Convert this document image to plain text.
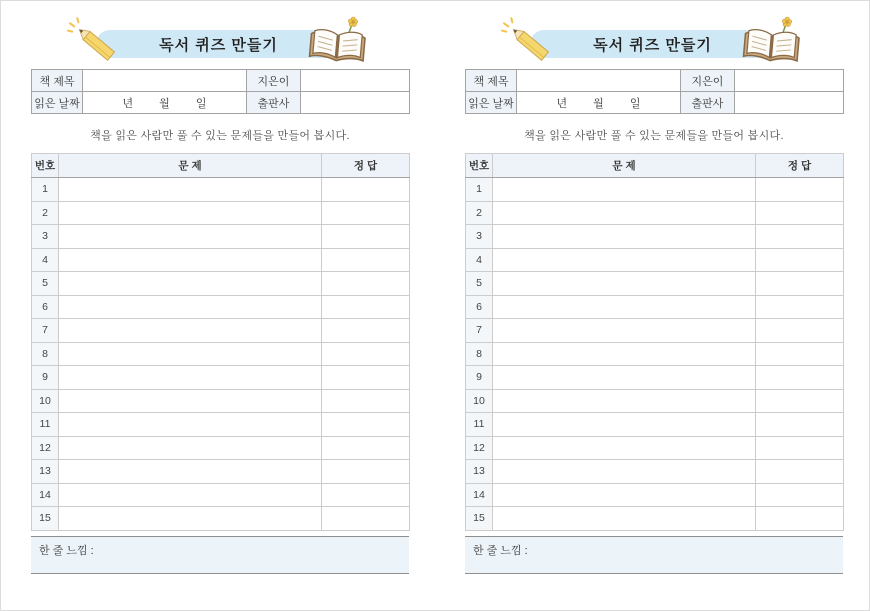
독서 퀴즈 만들기
책 제목		지은이	
읽은 날짜	년 월 일	출판사	
책을 읽은 사람만 풀 수 있는 문제들을 만들어 봅시다.
번호	문 제	정 답
1		
2		
3		
4		
5		
6		
7		
8		
9		
10		
11		
12		
13		
14		
15		
한 줄 느낌 :
독서 퀴즈 만들기
책 제목		지은이	
읽은 날짜	년 월 일	출판사	
책을 읽은 사람만 풀 수 있는 문제들을 만들어 봅시다.
번호	문 제	정 답
1		
2		
3		
4		
5		
6		
7		
8		
9		
10		
11		
12		
13		
14		
15		
한 줄 느낌 :
